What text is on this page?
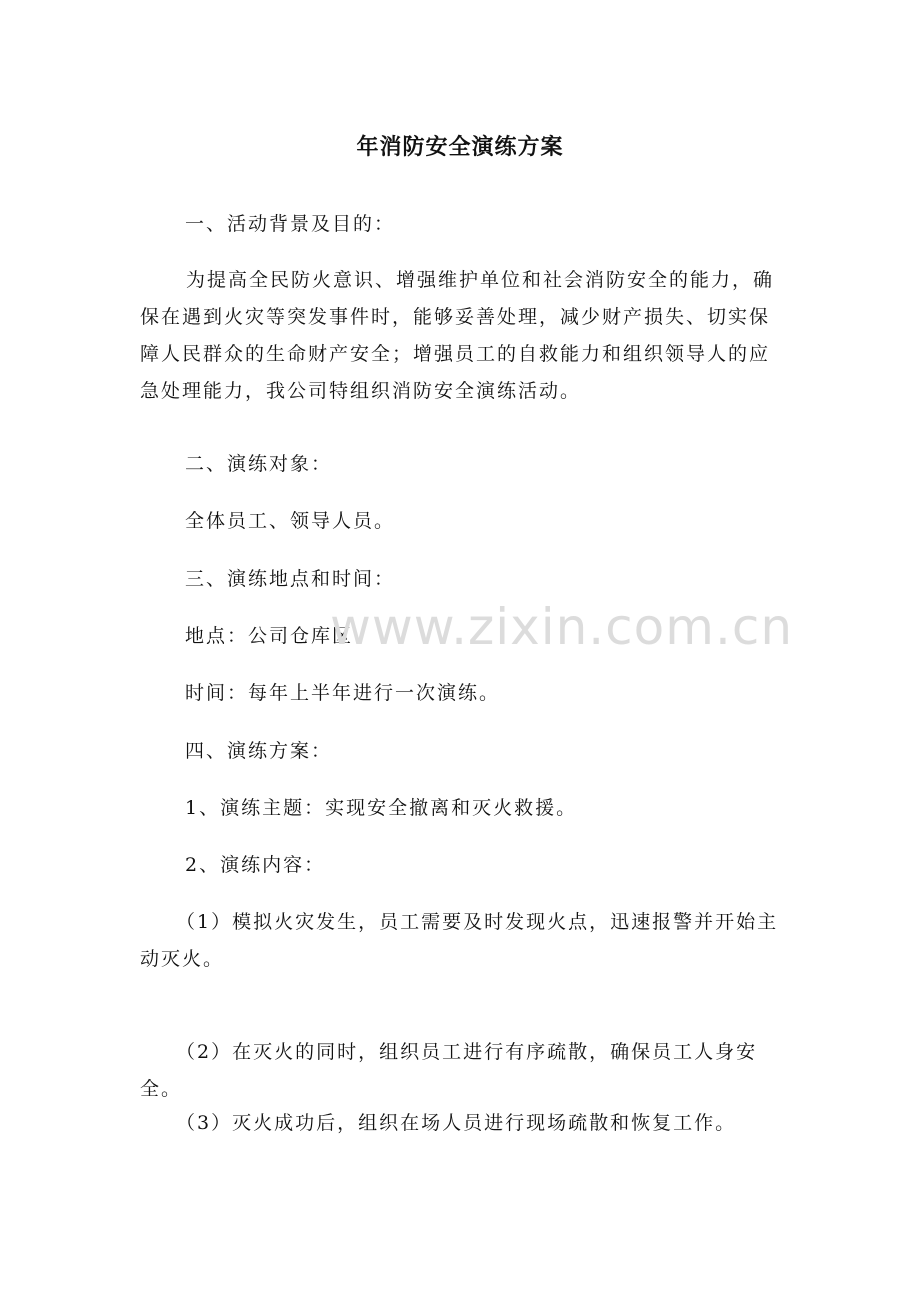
年消防安全演练方案

一、活动背景及目的：

为提高全民防火意识、增强维护单位和社会消防安全的能力，确保在遇到火灾等突发事件时，能够妥善处理，减少财产损失、切实保障人民群众的生命财产安全；增强员工的自救能力和组织领导人的应急处理能力，我公司特组织消防安全演练活动。

二、演练对象：

全体员工、领导人员。

三、演练地点和时间：

地点：公司仓库区

时间：每年上半年进行一次演练。

四、演练方案：

1、演练主题：实现安全撤离和灭火救援。

2、演练内容：

（1）模拟火灾发生，员工需要及时发现火点，迅速报警并开始主动灭火。

（2）在灭火的同时，组织员工进行有序疏散，确保员工人身安全。

（3）灭火成功后，组织在场人员进行现场疏散和恢复工作。

www.zixin.com.cn
